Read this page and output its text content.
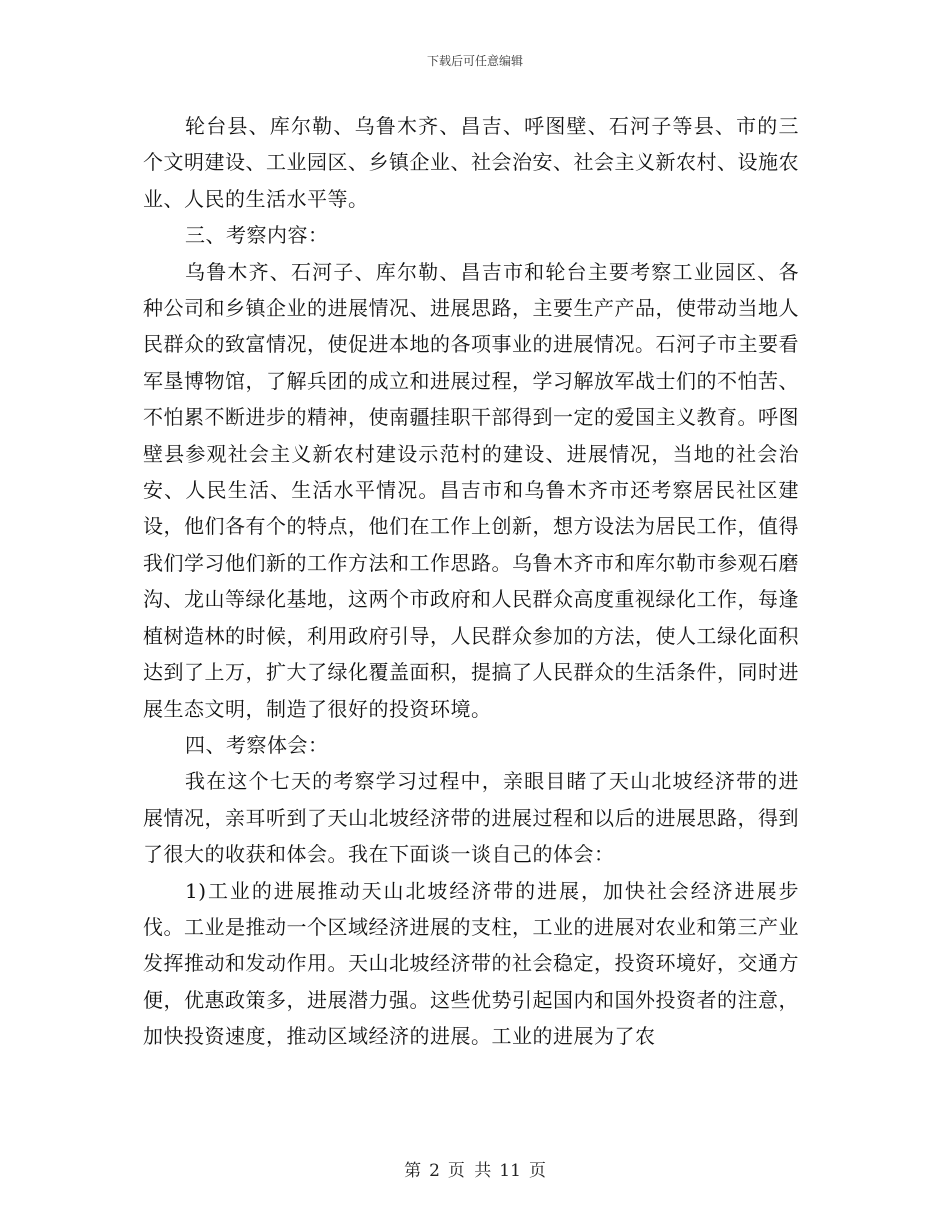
下载后可任意编辑

轮台县、库尔勒、乌鲁木齐、昌吉、呼图壁、石河子等县、市的三个文明建设、工业园区、乡镇企业、社会治安、社会主义新农村、设施农业、人民的生活水平等。

三、考察内容：

乌鲁木齐、石河子、库尔勒、昌吉市和轮台主要考察工业园区、各种公司和乡镇企业的进展情况、进展思路，主要生产产品，使带动当地人民群众的致富情况，使促进本地的各项事业的进展情况。石河子市主要看军垦博物馆，了解兵团的成立和进展过程，学习解放军战士们的不怕苦、不怕累不断进步的精神，使南疆挂职干部得到一定的爱国主义教育。呼图壁县参观社会主义新农村建设示范村的建设、进展情况，当地的社会治安、人民生活、生活水平情况。昌吉市和乌鲁木齐市还考察居民社区建设，他们各有个的特点，他们在工作上创新，想方设法为居民工作，值得我们学习他们新的工作方法和工作思路。乌鲁木齐市和库尔勒市参观石磨沟、龙山等绿化基地，这两个市政府和人民群众高度重视绿化工作，每逢植树造林的时候，利用政府引导，人民群众参加的方法，使人工绿化面积达到了上万，扩大了绿化覆盖面积，提搞了人民群众的生活条件，同时进展生态文明，制造了很好的投资环境。

四、考察体会：

我在这个七天的考察学习过程中，亲眼目睹了天山北坡经济带的进展情况，亲耳听到了天山北坡经济带的进展过程和以后的进展思路，得到了很大的收获和体会。我在下面谈一谈自己的体会：

1)工业的进展推动天山北坡经济带的进展，加快社会经济进展步伐。工业是推动一个区域经济进展的支柱，工业的进展对农业和第三产业发挥推动和发动作用。天山北坡经济带的社会稳定，投资环境好，交通方便，优惠政策多，进展潜力强。这些优势引起国内和国外投资者的注意，加快投资速度，推动区域经济的进展。工业的进展为了农

第 2 页 共 11 页
